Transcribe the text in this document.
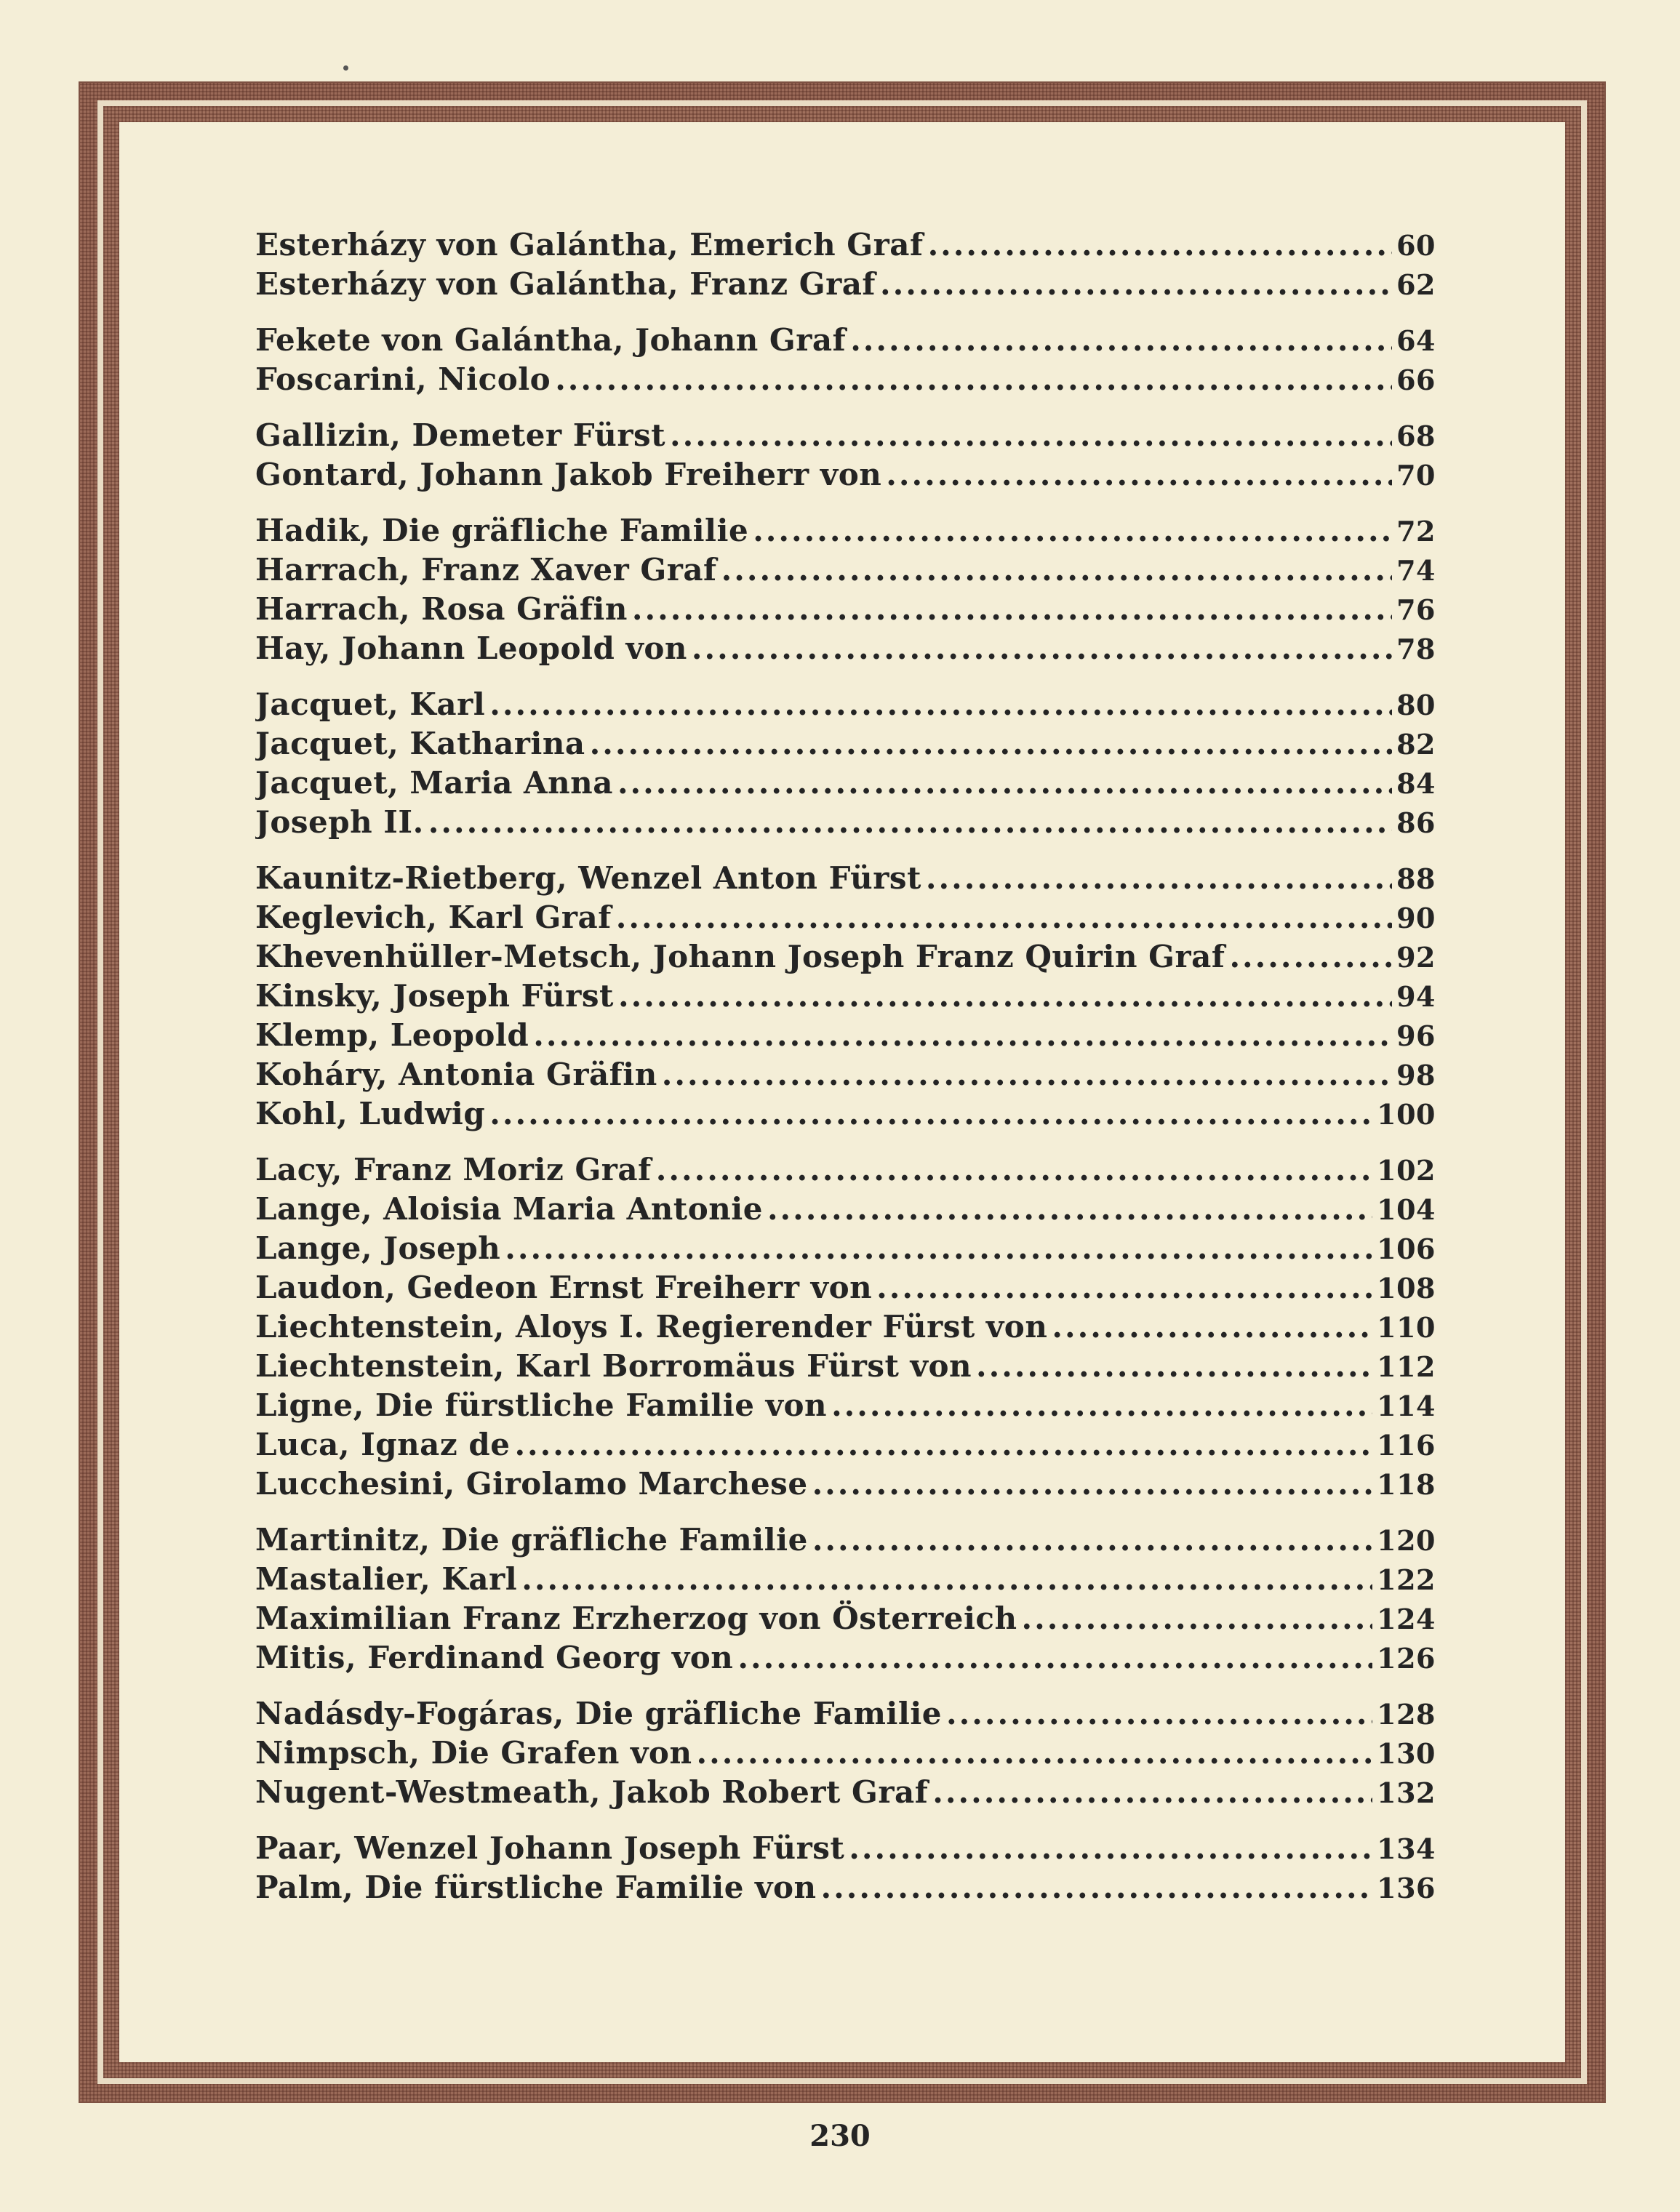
Esterházy von Galántha, Emerich Graf .....	60
Esterházy von Galántha, Franz Graf .....	62
Fekete von Galántha, Johann Graf .....	64
Foscarini, Nicolo .....	66
Gallizin, Demeter Fürst .....	68
Gontard, Johann Jakob Freiherr von .....	70
Hadik, Die gräfliche Familie .....	72
Harrach, Franz Xaver Graf .....	74
Harrach, Rosa Gräfin .....	76
Hay, Johann Leopold von .....	78
Jacquet, Karl .....	80
Jacquet, Katharina .....	82
Jacquet, Maria Anna .....	84
Joseph II. .....	86
Kaunitz-Rietberg, Wenzel Anton Fürst .....	88
Keglevich, Karl Graf .....	90
Khevenhüller-Metsch, Johann Joseph Franz Quirin Graf .....	92
Kinsky, Joseph Fürst .....	94
Klemp, Leopold .....	96
Koháry, Antonia Gräfin .....	98
Kohl, Ludwig .....	100
Lacy, Franz Moriz Graf .....	102
Lange, Aloisia Maria Antonie .....	104
Lange, Joseph .....	106
Laudon, Gedeon Ernst Freiherr von .....	108
Liechtenstein, Aloys I. Regierender Fürst von .....	110
Liechtenstein, Karl Borromäus Fürst von .....	112
Ligne, Die fürstliche Familie von .....	114
Luca, Ignaz de .....	116
Lucchesini, Girolamo Marchese .....	118
Martinitz, Die gräfliche Familie .....	120
Mastalier, Karl .....	122
Maximilian Franz Erzherzog von Österreich .....	124
Mitis, Ferdinand Georg von .....	126
Nadásdy-Fogáras, Die gräfliche Familie .....	128
Nimpsch, Die Grafen von .....	130
Nugent-Westmeath, Jakob Robert Graf .....	132
Paar, Wenzel Johann Joseph Fürst .....	134
Palm, Die fürstliche Familie von .....	136
230
